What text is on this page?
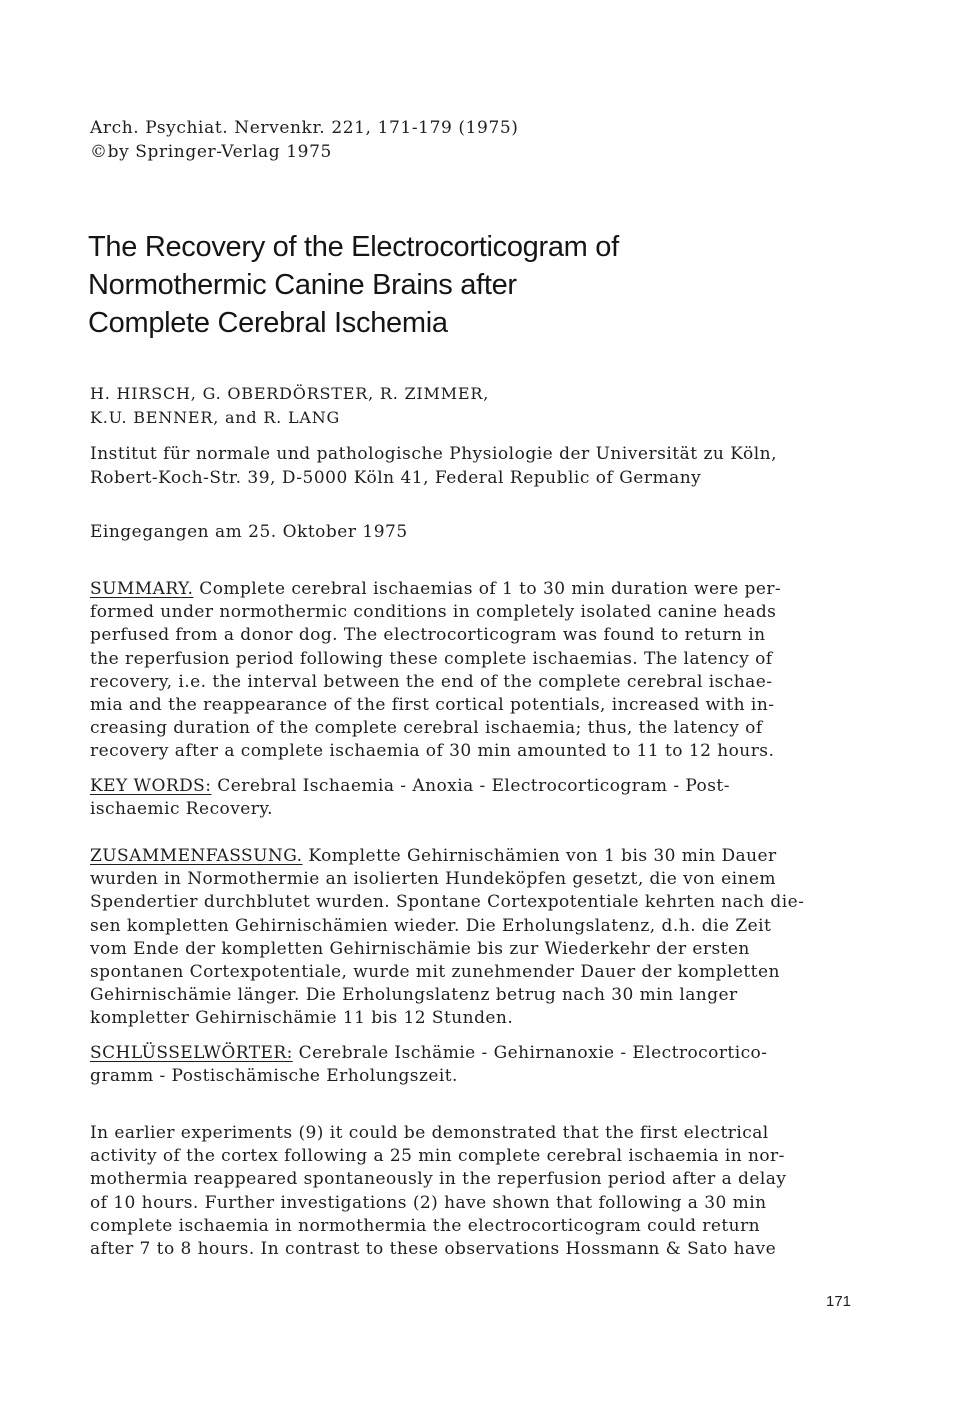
Arch. Psychiat. Nervenkr. 221, 171-179 (1975)
©by Springer-Verlag 1975
The Recovery of the Electrocorticogram of
Normothermic Canine Brains after
Complete Cerebral Ischemia
H. HIRSCH, G. OBERDÖRSTER, R. ZIMMER,
K.U. BENNER, and R. LANG
Institut für normale und pathologische Physiologie der Universität zu Köln,
Robert-Koch-Str. 39, D-5000 Köln 41, Federal Republic of Germany
Eingegangen am 25. Oktober 1975
SUMMARY. Complete cerebral ischaemias of 1 to 30 min duration were per-
formed under normothermic conditions in completely isolated canine heads
perfused from a donor dog. The electrocorticogram was found to return in
the reperfusion period following these complete ischaemias. The latency of
recovery, i.e. the interval between the end of the complete cerebral ischae-
mia and the reappearance of the first cortical potentials, increased with in-
creasing duration of the complete cerebral ischaemia; thus, the latency of
recovery after a complete ischaemia of 30 min amounted to 11 to 12 hours.
KEY WORDS: Cerebral Ischaemia - Anoxia - Electrocorticogram - Post-
ischaemic Recovery.
ZUSAMMENFASSUNG. Komplette Gehirnischämien von 1 bis 30 min Dauer
wurden in Normothermie an isolierten Hundeköpfen gesetzt, die von einem
Spendertier durchblutet wurden. Spontane Cortexpotentiale kehrten nach die-
sen kompletten Gehirnischämien wieder. Die Erholungslatenz, d.h. die Zeit
vom Ende der kompletten Gehirnischämie bis zur Wiederkehr der ersten
spontanen Cortexpotentiale, wurde mit zunehmender Dauer der kompletten
Gehirnischämie länger. Die Erholungslatenz betrug nach 30 min langer
kompletter Gehirnischämie 11 bis 12 Stunden.
SCHLÜSSELWÖRTER: Cerebrale Ischämie - Gehirnanoxie - Electrocortico-
gramm - Postischämische Erholungszeit.
In earlier experiments (9) it could be demonstrated that the first electrical
activity of the cortex following a 25 min complete cerebral ischaemia in nor-
mothermia reappeared spontaneously in the reperfusion period after a delay
of 10 hours. Further investigations (2) have shown that following a 30 min
complete ischaemia in normothermia the electrocorticogram could return
after 7 to 8 hours. In contrast to these observations Hossmann & Sato have
171
